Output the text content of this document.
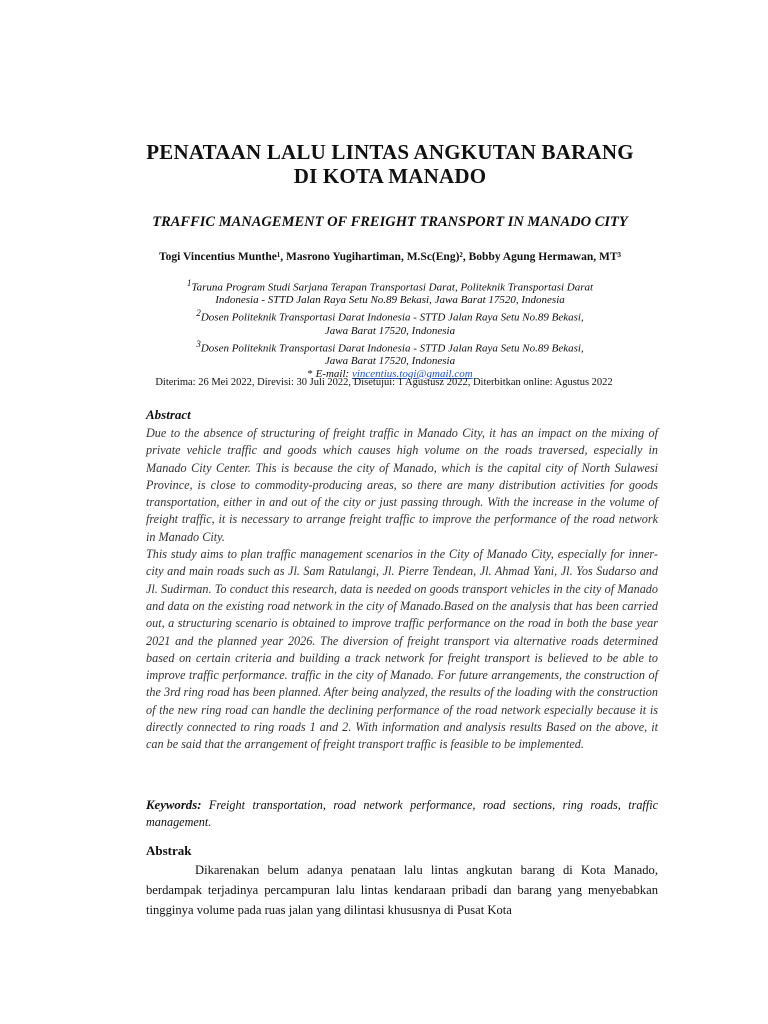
PENATAAN LALU LINTAS ANGKUTAN BARANG
DI KOTA MANADO
TRAFFIC MANAGEMENT OF FREIGHT TRANSPORT IN MANADO CITY
Togi Vincentius Munthe¹, Masrono Yugihartiman, M.Sc(Eng)², Bobby Agung Hermawan, MT³
$^1$Taruna Program Studi Sarjana Terapan Transportasi Darat, Politeknik Transportasi Darat
Indonesia - STTD Jalan Raya Setu No.89 Bekasi, Jawa Barat 17520, Indonesia
$^2$Dosen Politeknik Transportasi Darat Indonesia - STTD Jalan Raya Setu No.89 Bekasi,
Jawa Barat 17520, Indonesia
$^3$Dosen Politeknik Transportasi Darat Indonesia - STTD Jalan Raya Setu No.89 Bekasi,
Jawa Barat 17520, Indonesia
* E-mail: vincentius.togi@gmail.com
Diterima: 26 Mei 2022, Direvisi: 30 Juli 2022, Disetujui: 1 Agustusz 2022, Diterbitkan online: Agustus 2022
Abstract

Due to the absence of structuring of freight traffic in Manado City, it has an impact on the mixing of private vehicle traffic and goods which causes high volume on the roads traversed, especially in Manado City Center. This is because the city of Manado, which is the capital city of North Sulawesi Province, is close to commodity-producing areas, so there are many distribution activities for goods transportation, either in and out of the city or just passing through. With the increase in the volume of freight traffic, it is necessary to arrange freight traffic to improve the performance of the road network in Manado City.

This study aims to plan traffic management scenarios in the City of Manado City, especially for inner-city and main roads such as Jl. Sam Ratulangi, Jl. Pierre Tendean, Jl. Ahmad Yani, Jl. Yos Sudarso and Jl. Sudirman. To conduct this research, data is needed on goods transport vehicles in the city of Manado and data on the existing road network in the city of Manado.Based on the analysis that has been carried out, a structuring scenario is obtained to improve traffic performance on the road in both the base year 2021 and the planned year 2026. The diversion of freight transport via alternative roads determined based on certain criteria and building a track network for freight transport is believed to be able to improve traffic performance. traffic in the city of Manado. For future arrangements, the construction of the 3rd ring road has been planned. After being analyzed, the results of the loading with the construction of the new ring road can handle the declining performance of the road network especially because it is directly connected to ring roads 1 and 2. With information and analysis results Based on the above, it can be said that the arrangement of freight transport traffic is feasible to be implemented.

Keywords: Freight transportation, road network performance, road sections, ring roads, traffic management.
Abstrak

Dikarenakan belum adanya penataan lalu lintas angkutan barang di Kota Manado, berdampak terjadinya percampuran lalu lintas kendaraan pribadi dan barang yang menyebabkan tingginya volume pada ruas jalan yang dilintasi khususnya di Pusat Kota
